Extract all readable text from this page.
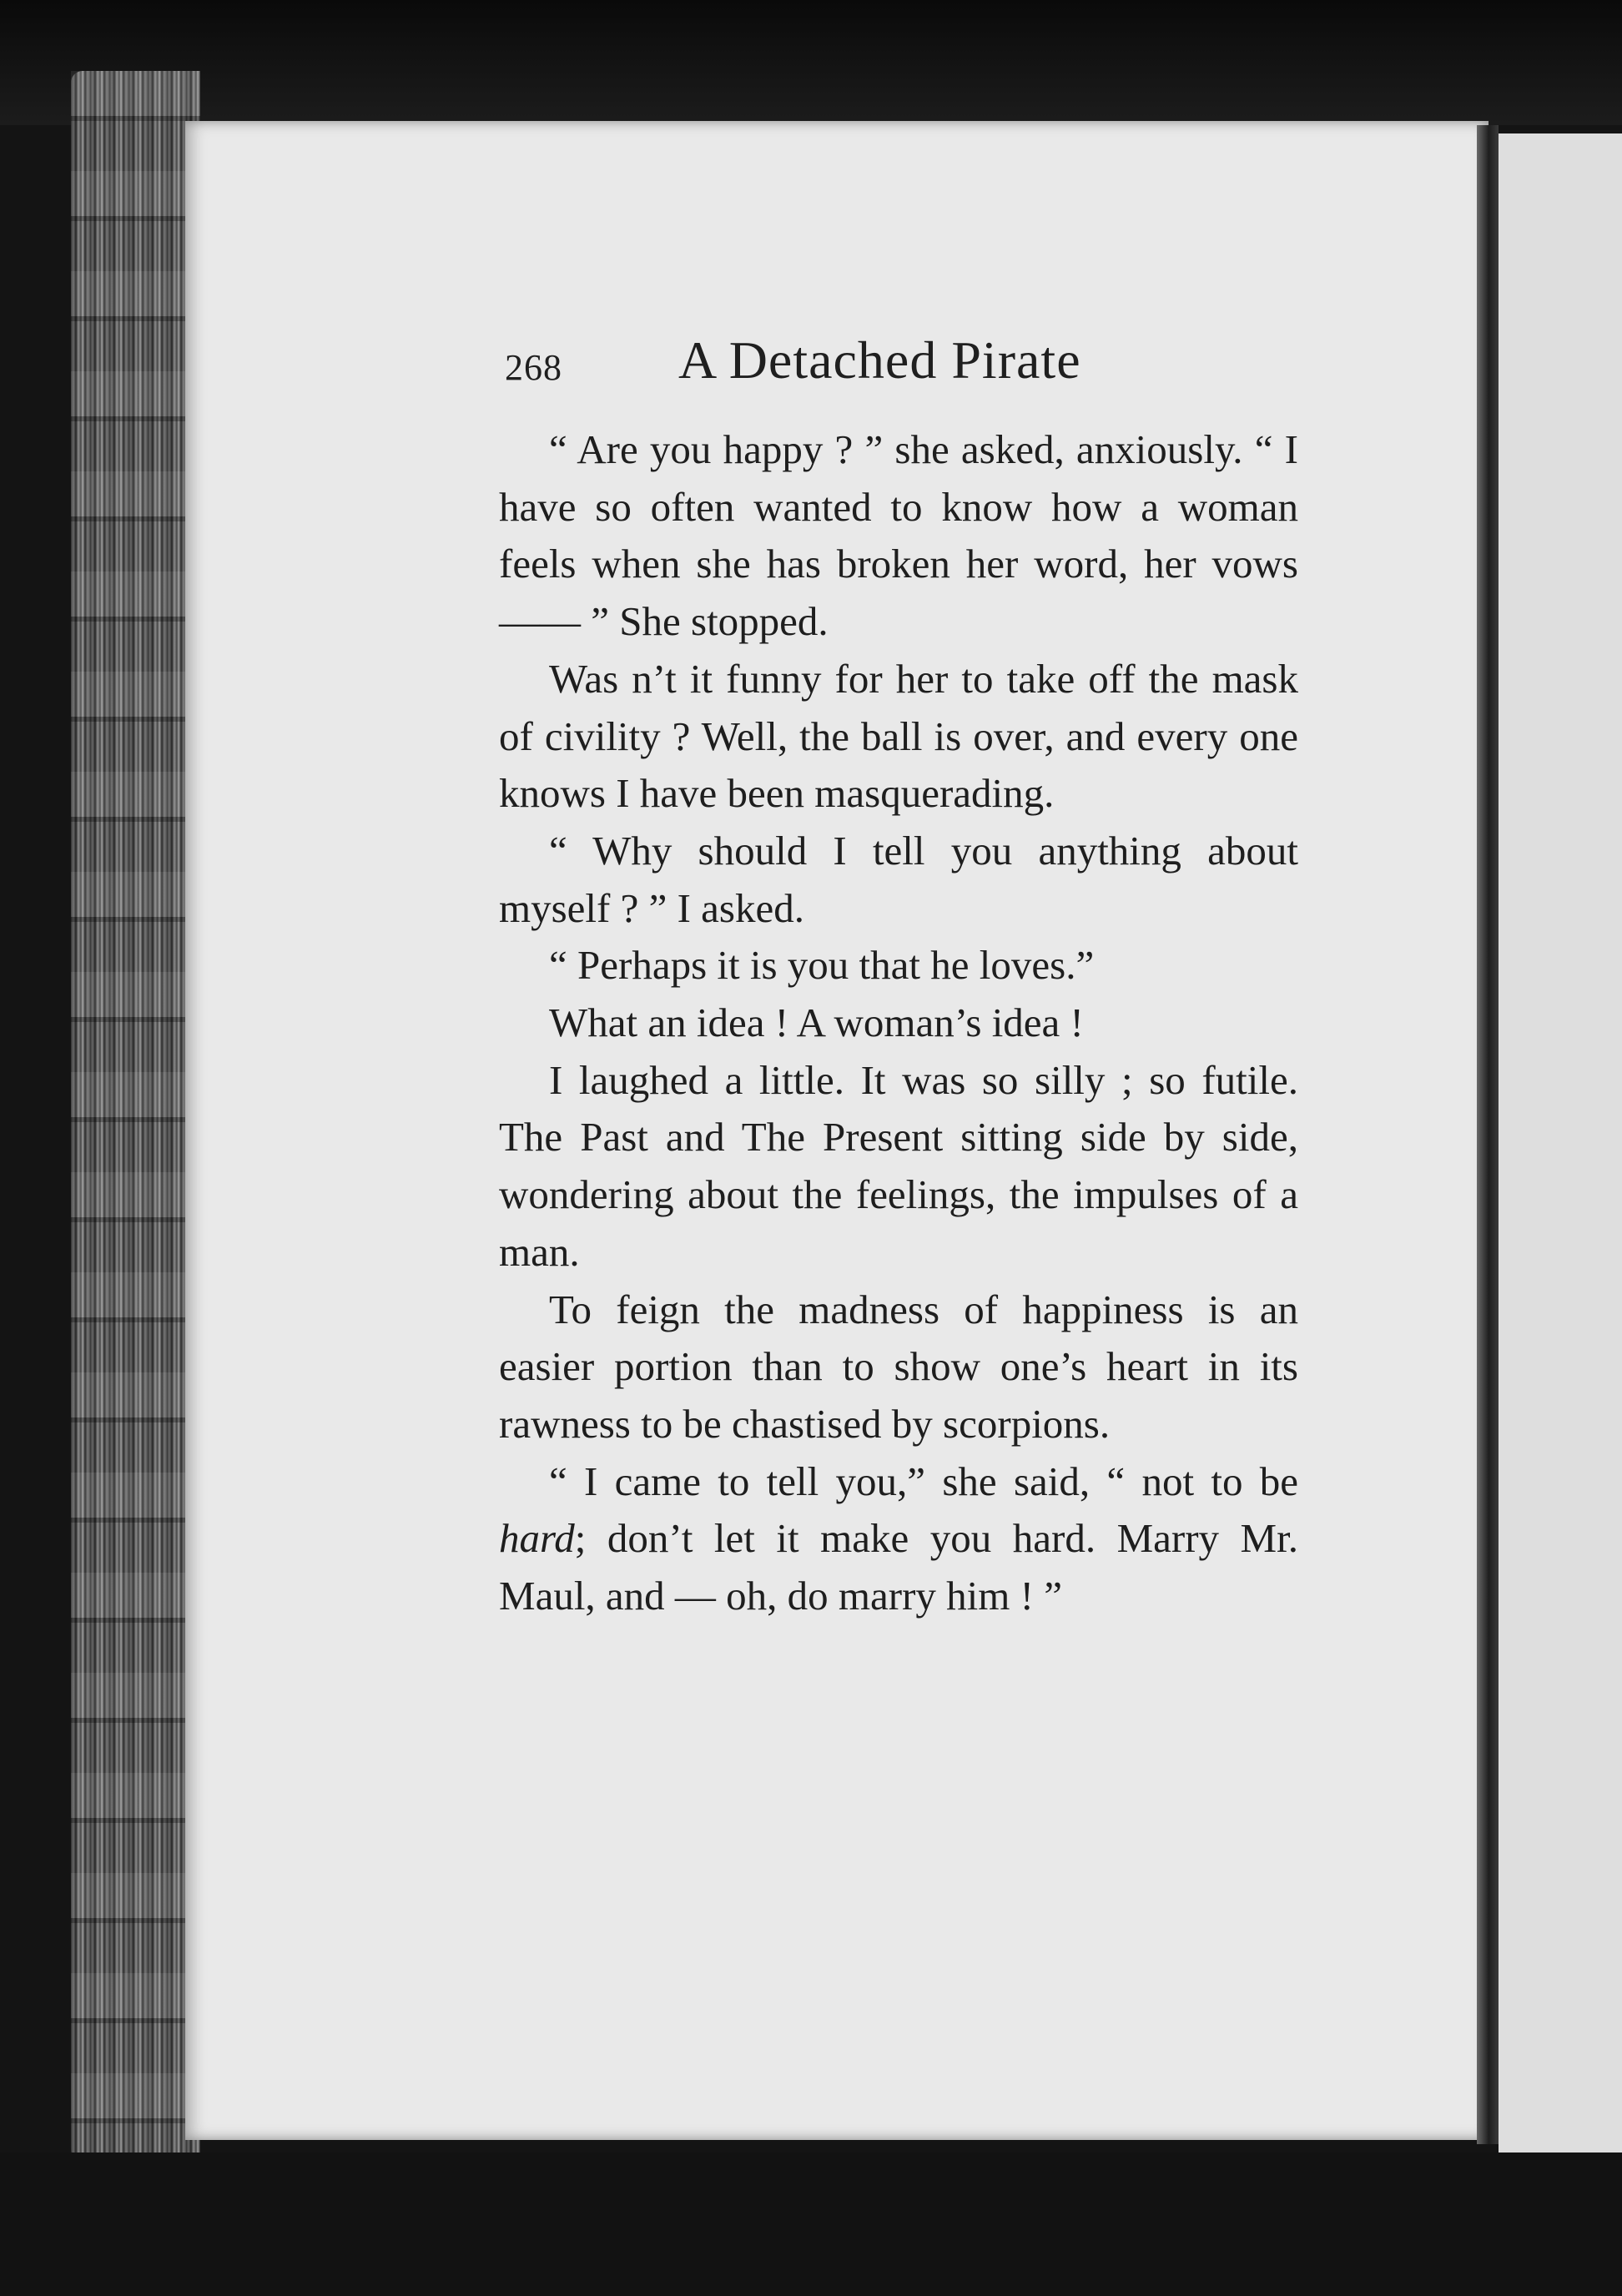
268 A Detached Pirate

“ Are you happy ? ” she asked, anxiously. “ I have so often wanted to know how a woman feels when she has broken her word, her vows —— ” She stopped.

Was n’t it funny for her to take off the mask of civility ? Well, the ball is over, and every one knows I have been masquerading.

“ Why should I tell you anything about myself ? ” I asked.

“ Perhaps it is you that he loves.”

What an idea ! A woman’s idea !

I laughed a little. It was so silly ; so futile. The Past and The Present sitting side by side, wondering about the feelings, the impulses of a man.

To feign the madness of happiness is an easier portion than to show one’s heart in its rawness to be chastised by scorpions.

“ I came to tell you,” she said, “ not to be hard; don’t let it make you hard. Marry Mr. Maul, and — oh, do marry him ! ”
